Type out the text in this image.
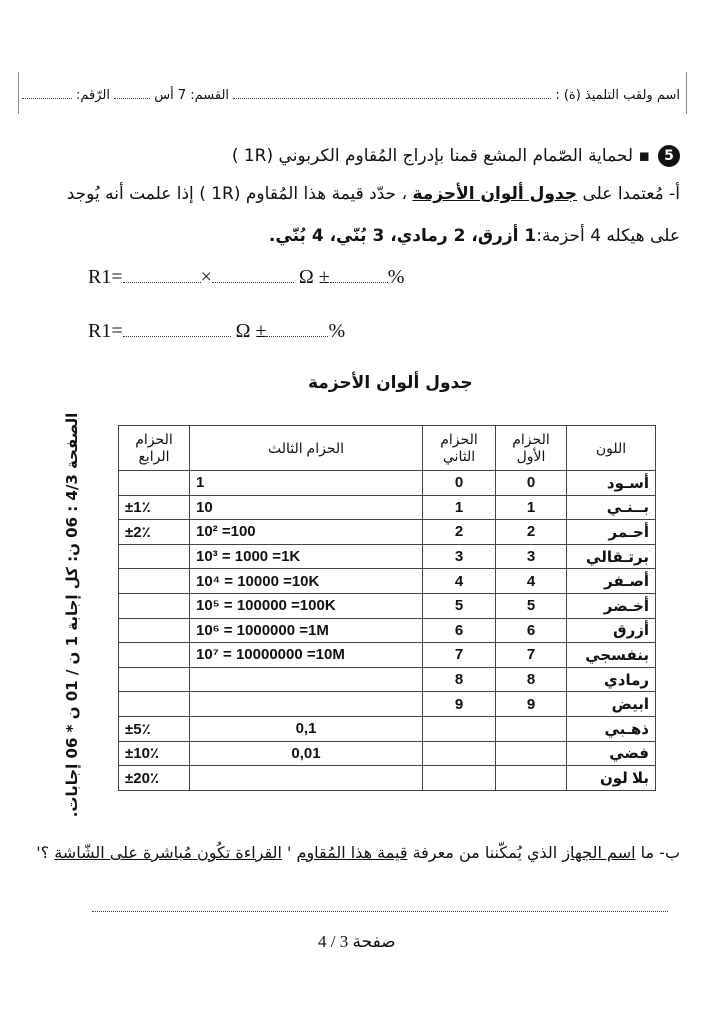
اسم ولقب التلميذ (ة) :  القسم: 7 أس  الرّقم:
5▪ لحماية الصّمام المشع قمنا بإدراج المُقاوم الكربوني (1R )
أ- مُعتمدا على جدول ألوان الأحزمة ، حدّد قيمة هذا المُقاوم (1R ) إذا علمت أنه يُوجد
على هيكله 4 أحزمة:1 أزرق، 2 رمادي، 3 بُنّي، 4 بُنّي.
R1=	×	Ω ±	%
R1=	Ω ±	%
جدول ألوان الأحزمة
اللون	الحزام الأول	الحزام الثاني	الحزام الثالث	الحزام الرابع
أسـود	0	0	1	
بــنـي	1	1	10	±1٪
أحـمر	2	2	10² =100	±2٪
برتـقالي	3	3	10³ = 1000 =1K	
أصـفر	4	4	10⁴ = 10000 =10K	
أخـضر	5	5	10⁵ = 100000 =100K	
أزرق	6	6	10⁶ = 1000000 =1M	
بنفسجي	7	7	10⁷ = 10000000 =10M	
رمادي	8	8		
ابيض	9	9		
ذهـبي			0,1	±5٪
فضي			0,01	±10٪
بلا لون				±20٪
الصفحة 4/3 : 06 ن: كل إجابة 1 ن / 01 ن * 06 إجابات.
ب- ما اسم الجهاز الذي يُمكّننا من معرفة قيمة هذا المُقاوم ' القراءة تكُون مُباشرة على الشّاشة ؟'
صفحة 3 / 4
